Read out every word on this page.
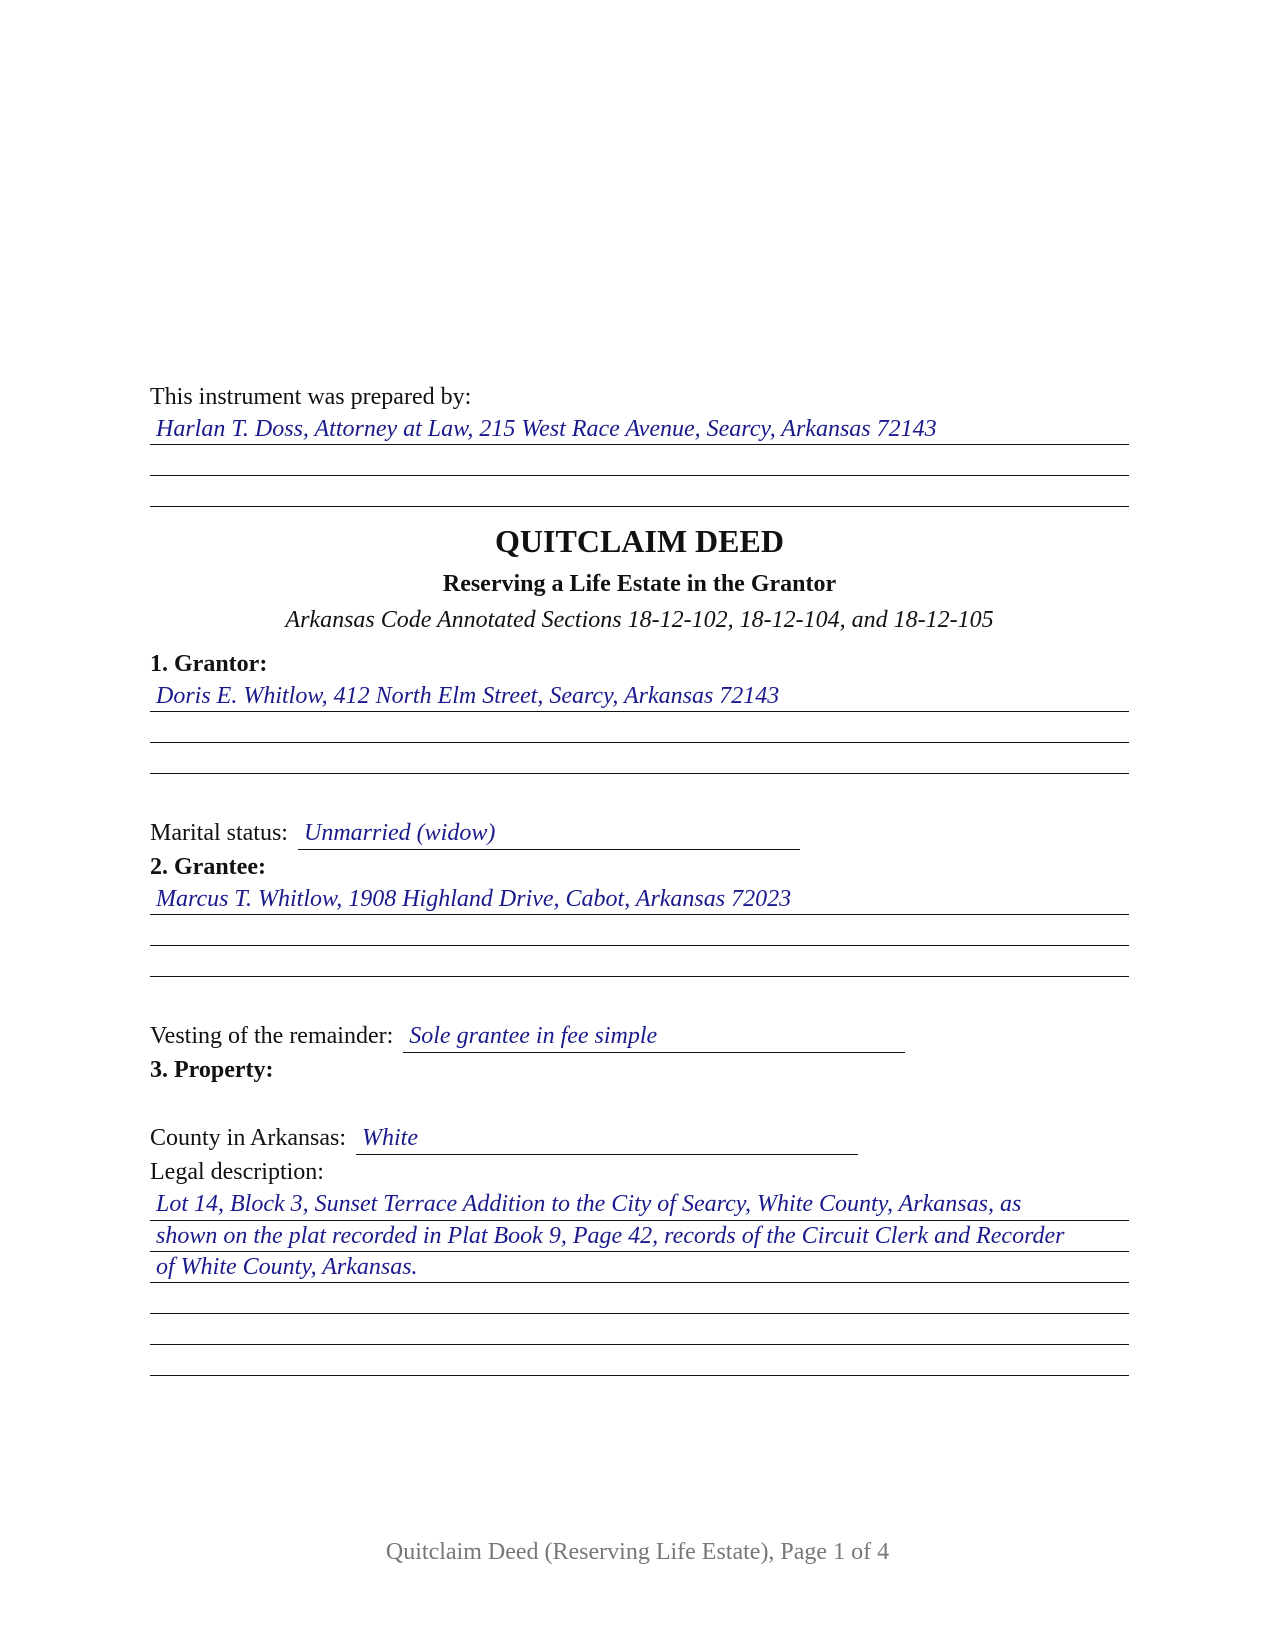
This instrument was prepared by:
Harlan T. Doss, Attorney at Law, 215 West Race Avenue, Searcy, Arkansas 72143
QUITCLAIM DEED
Reserving a Life Estate in the Grantor
Arkansas Code Annotated Sections 18-12-102, 18-12-104, and 18-12-105
1. Grantor:
Doris E. Whitlow, 412 North Elm Street, Searcy, Arkansas 72143
Marital status: Unmarried (widow)
2. Grantee:
Marcus T. Whitlow, 1908 Highland Drive, Cabot, Arkansas 72023
Vesting of the remainder: Sole grantee in fee simple
3. Property:
County in Arkansas: White
Legal description:
Lot 14, Block 3, Sunset Terrace Addition to the City of Searcy, White County, Arkansas, as
shown on the plat recorded in Plat Book 9, Page 42, records of the Circuit Clerk and Recorder
of White County, Arkansas.
Quitclaim Deed (Reserving Life Estate), Page 1 of 4
